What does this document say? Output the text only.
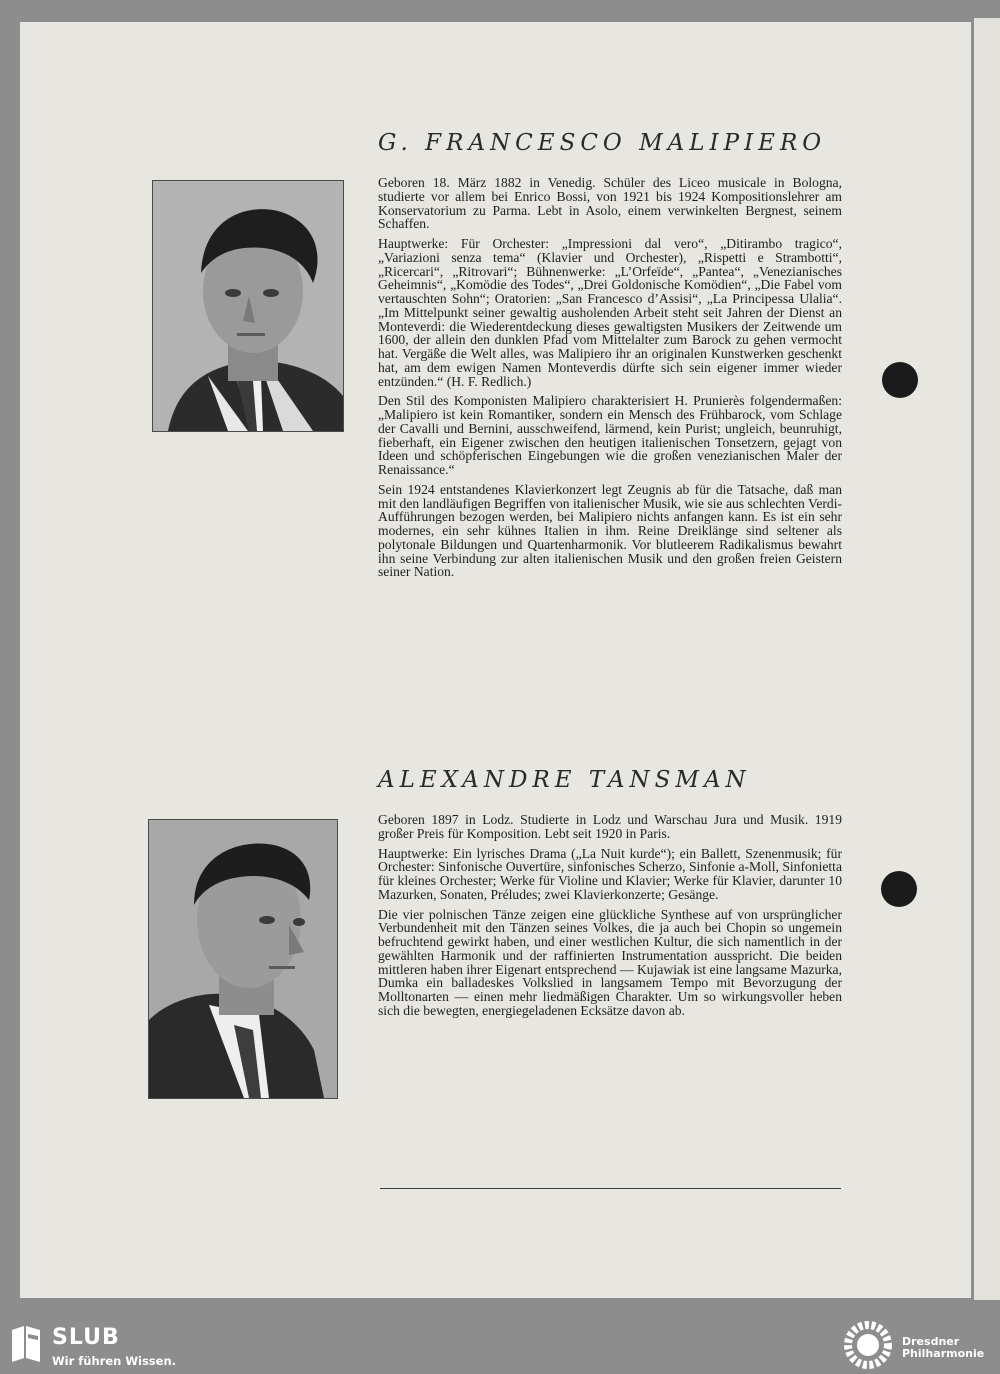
G. FRANCESCO MALIPIERO

Geboren 18. März 1882 in Venedig. Schüler des Liceo musicale in Bologna, studierte vor allem bei Enrico Bossi, von 1921 bis 1924 Kompositionslehrer am Konservatorium zu Parma. Lebt in Asolo, einem verwinkelten Bergnest, seinem Schaffen.

Hauptwerke: Für Orchester: „Impressioni dal vero“, „Ditirambo tragico“, „Variazioni senza tema“ (Klavier und Orchester), „Rispetti e Strambotti“, „Ricercari“, „Ritrovari“; Bühnenwerke: „L’Orfeïde“, „Pantea“, „Venezianisches Geheimnis“, „Komödie des Todes“, „Drei Goldonische Komödien“, „Die Fabel vom vertauschten Sohn“; Oratorien: „San Francesco d’Assisi“, „La Principessa Ulalia“. „Im Mittelpunkt seiner gewaltig ausholenden Arbeit steht seit Jahren der Dienst an Monteverdi: die Wiederentdeckung dieses gewaltigsten Musikers der Zeitwende um 1600, der allein den dunklen Pfad vom Mittelalter zum Barock zu gehen vermocht hat. Vergäße die Welt alles, was Malipiero ihr an originalen Kunstwerken geschenkt hat, am dem ewigen Namen Monteverdis dürfte sich sein eigener immer wieder entzünden.“ (H. F. Redlich.)

Den Stil des Komponisten Malipiero charakterisiert H. Prunierès folgendermaßen: „Malipiero ist kein Romantiker, sondern ein Mensch des Frühbarock, vom Schlage der Cavalli und Bernini, ausschweifend, lärmend, kein Purist; ungleich, beunruhigt, fieberhaft, ein Eigener zwischen den heutigen italienischen Tonsetzern, gejagt von Ideen und schöpferischen Eingebungen wie die großen venezianischen Maler der Renaissance.“

Sein 1924 entstandenes Klavierkonzert legt Zeugnis ab für die Tatsache, daß man mit den landläufigen Begriffen von italienischer Musik, wie sie aus schlechten Verdi-Aufführungen bezogen werden, bei Malipiero nichts anfangen kann. Es ist ein sehr modernes, ein sehr kühnes Italien in ihm. Reine Dreiklänge sind seltener als polytonale Bildungen und Quartenharmonik. Vor blutleerem Radikalismus bewahrt ihn seine Verbindung zur alten italienischen Musik und den großen freien Geistern seiner Nation.

ALEXANDRE TANSMAN

Geboren 1897 in Lodz. Studierte in Lodz und Warschau Jura und Musik. 1919 großer Preis für Komposition. Lebt seit 1920 in Paris.

Hauptwerke: Ein lyrisches Drama („La Nuit kurde“); ein Ballett, Szenenmusik; für Orchester: Sinfonische Ouvertüre, sinfonisches Scherzo, Sinfonie a-Moll, Sinfonietta für kleines Orchester; Werke für Violine und Klavier; Werke für Klavier, darunter 10 Mazurken, Sonaten, Préludes; zwei Klavierkonzerte; Gesänge.

Die vier polnischen Tänze zeigen eine glückliche Synthese auf von ursprünglicher Verbundenheit mit den Tänzen seines Volkes, die ja auch bei Chopin so ungemein befruchtend gewirkt haben, und einer westlichen Kultur, die sich namentlich in der gewählten Harmonik und der raffinierten Instrumentation ausspricht. Die beiden mittleren haben ihrer Eigenart entsprechend — Kujawiak ist eine langsame Mazurka, Dumka ein balladeskes Volkslied in langsamem Tempo mit Bevorzugung der Molltonarten — einen mehr liedmäßigen Charakter. Um so wirkungsvoller heben sich die bewegten, energiegeladenen Ecksätze davon ab.

SLUB
Wir führen Wissen.
Dresdner
Philharmonie
